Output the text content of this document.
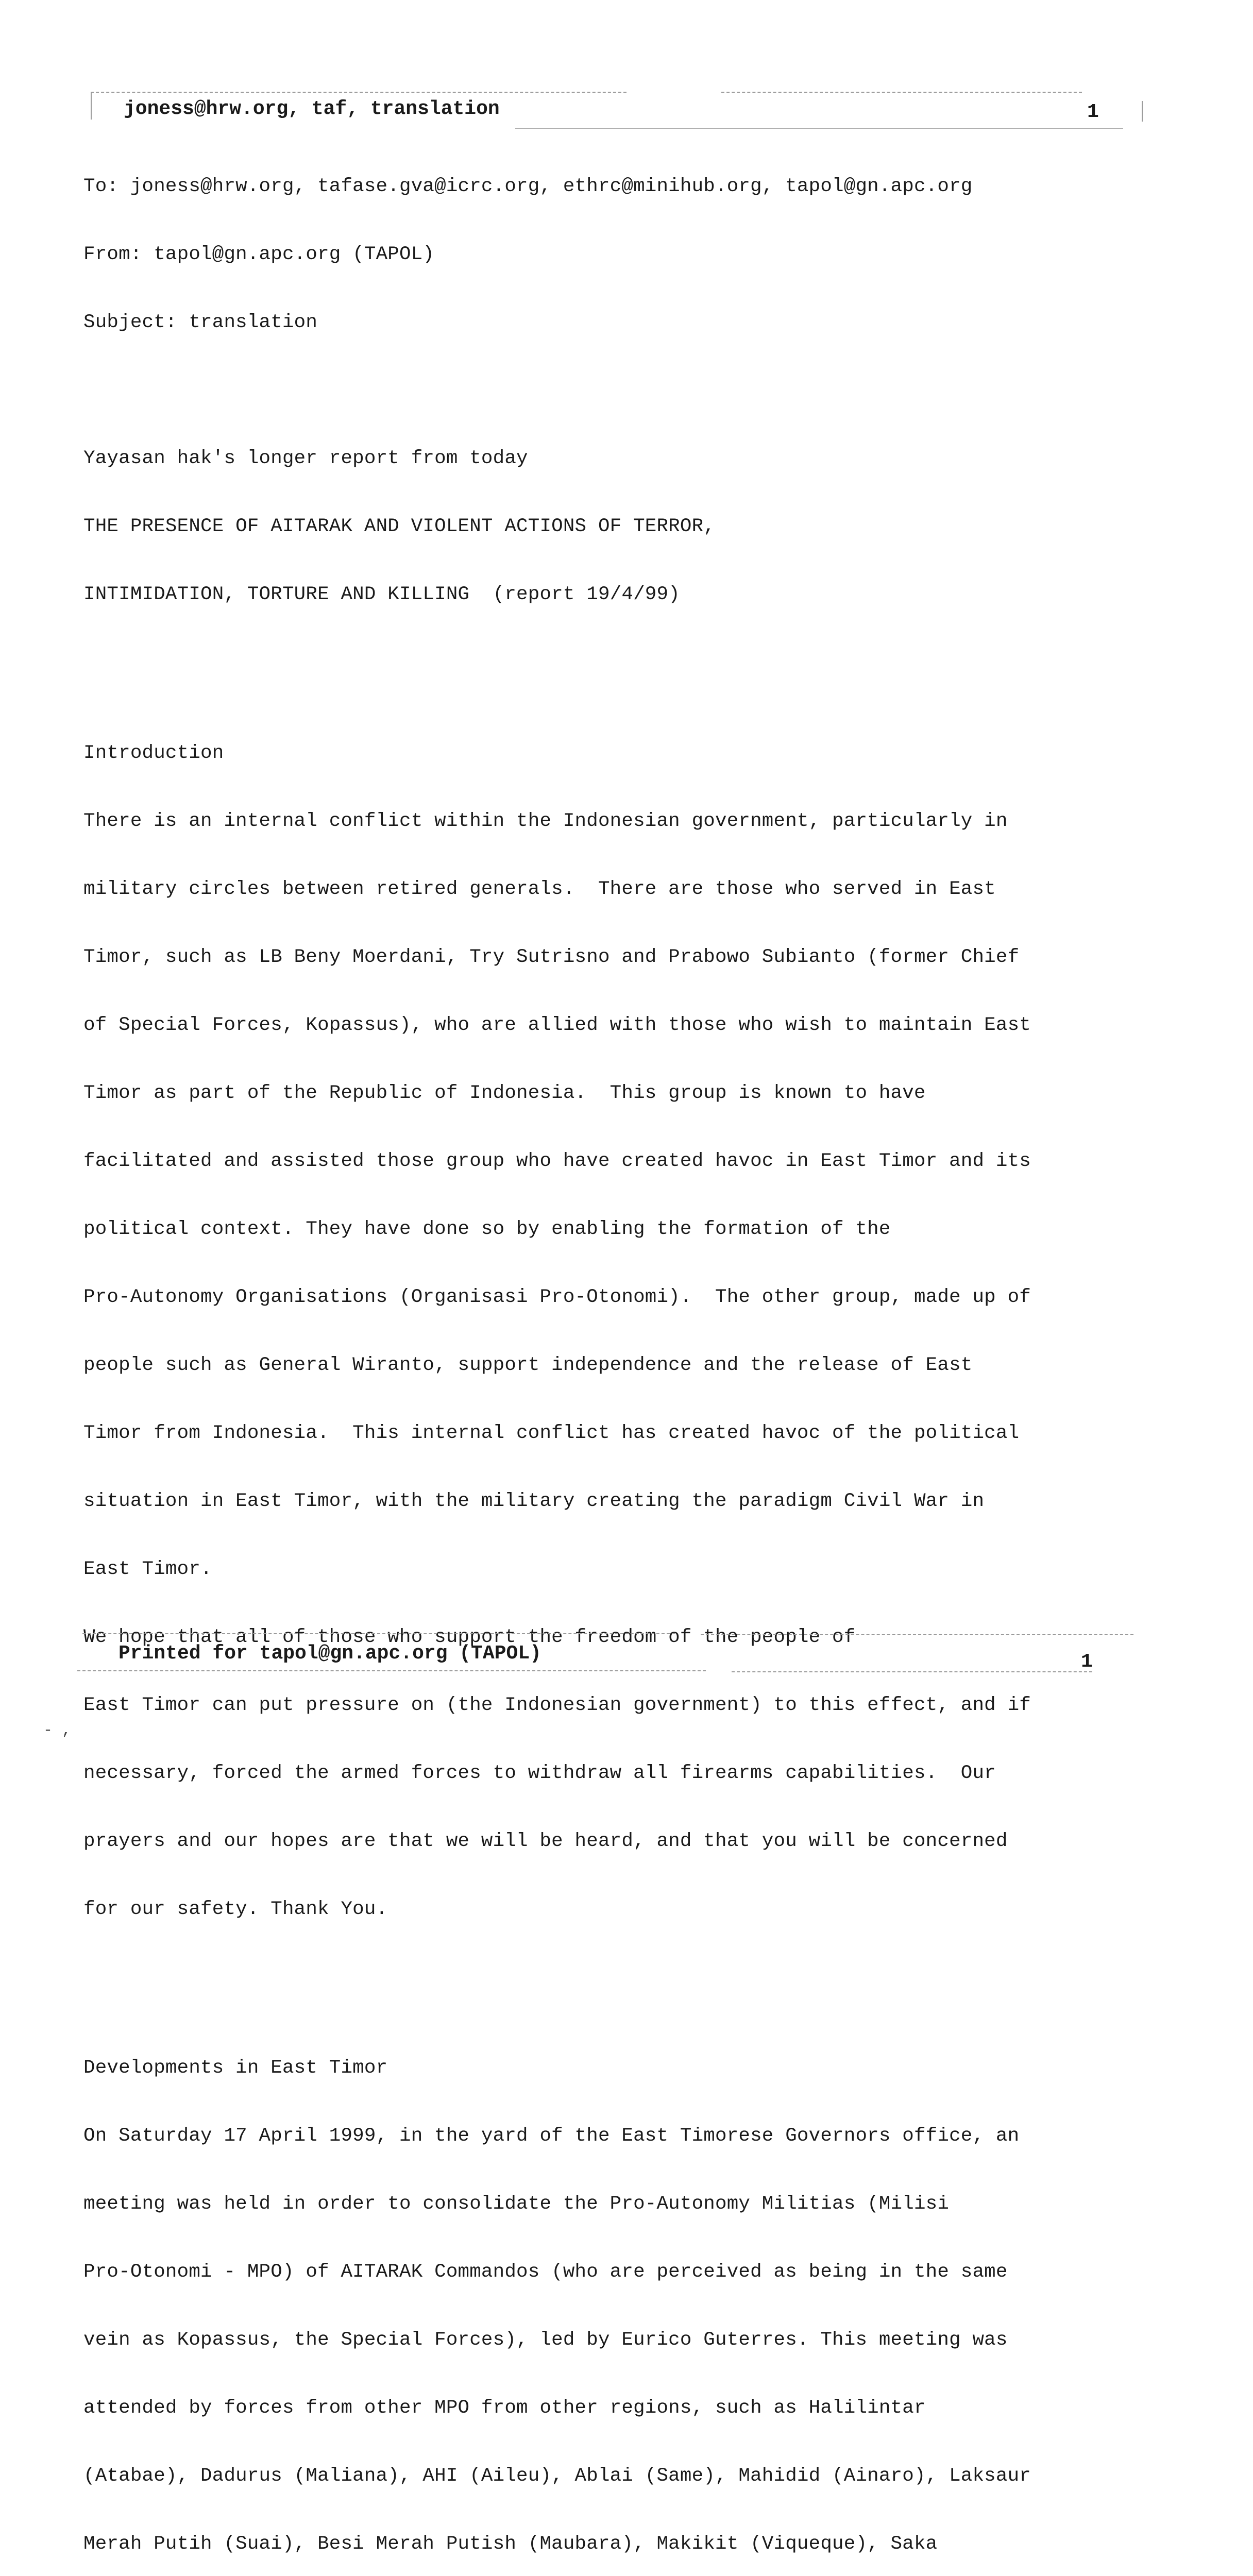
joness@hrw.org, taf, translation	1

To: joness@hrw.org, tafase.gva@icrc.org, ethrc@minihub.org, tapol@gn.apc.org

From: tapol@gn.apc.org (TAPOL)

Subject: translation

Yayasan hak's longer report from today

THE PRESENCE OF AITARAK AND VIOLENT ACTIONS OF TERROR,

INTIMIDATION, TORTURE AND KILLING  (report 19/4/99)

Introduction

There is an internal conflict within the Indonesian government, particularly in

military circles between retired generals.  There are those who served in East

Timor, such as LB Beny Moerdani, Try Sutrisno and Prabowo Subianto (former Chief

of Special Forces, Kopassus), who are allied with those who wish to maintain East

Timor as part of the Republic of Indonesia.  This group is known to have

facilitated and assisted those group who have created havoc in East Timor and its

political context. They have done so by enabling the formation of the

Pro-Autonomy Organisations (Organisasi Pro-Otonomi).  The other group, made up of

people such as General Wiranto, support independence and the release of East

Timor from Indonesia.  This internal conflict has created havoc of the political

situation in East Timor, with the military creating the paradigm Civil War in

East Timor.

We hope that all of those who support the freedom of the people of

East Timor can put pressure on (the Indonesian government) to this effect, and if

necessary, forced the armed forces to withdraw all firearms capabilities.  Our

prayers and our hopes are that we will be heard, and that you will be concerned

for our safety. Thank You.

Developments in East Timor

On Saturday 17 April 1999, in the yard of the East Timorese Governors office, an

meeting was held in order to consolidate the Pro-Autonomy Militias (Milisi

Pro-Otonomi - MPO) of AITARAK Commandos (who are perceived as being in the same

vein as Kopassus, the Special Forces), led by Eurico Guterres. This meeting was

attended by forces from other MPO from other regions, such as Halilintar

(Atabae), Dadurus (Maliana), AHI (Aileu), Ablai (Same), Mahidid (Ainaro), Laksaur

Merah Putih (Suai), Besi Merah Putish (Maubara), Makikit (Viqueque), Saka

Printed for tapol@gn.apc.org (TAPOL)	1
- ,
